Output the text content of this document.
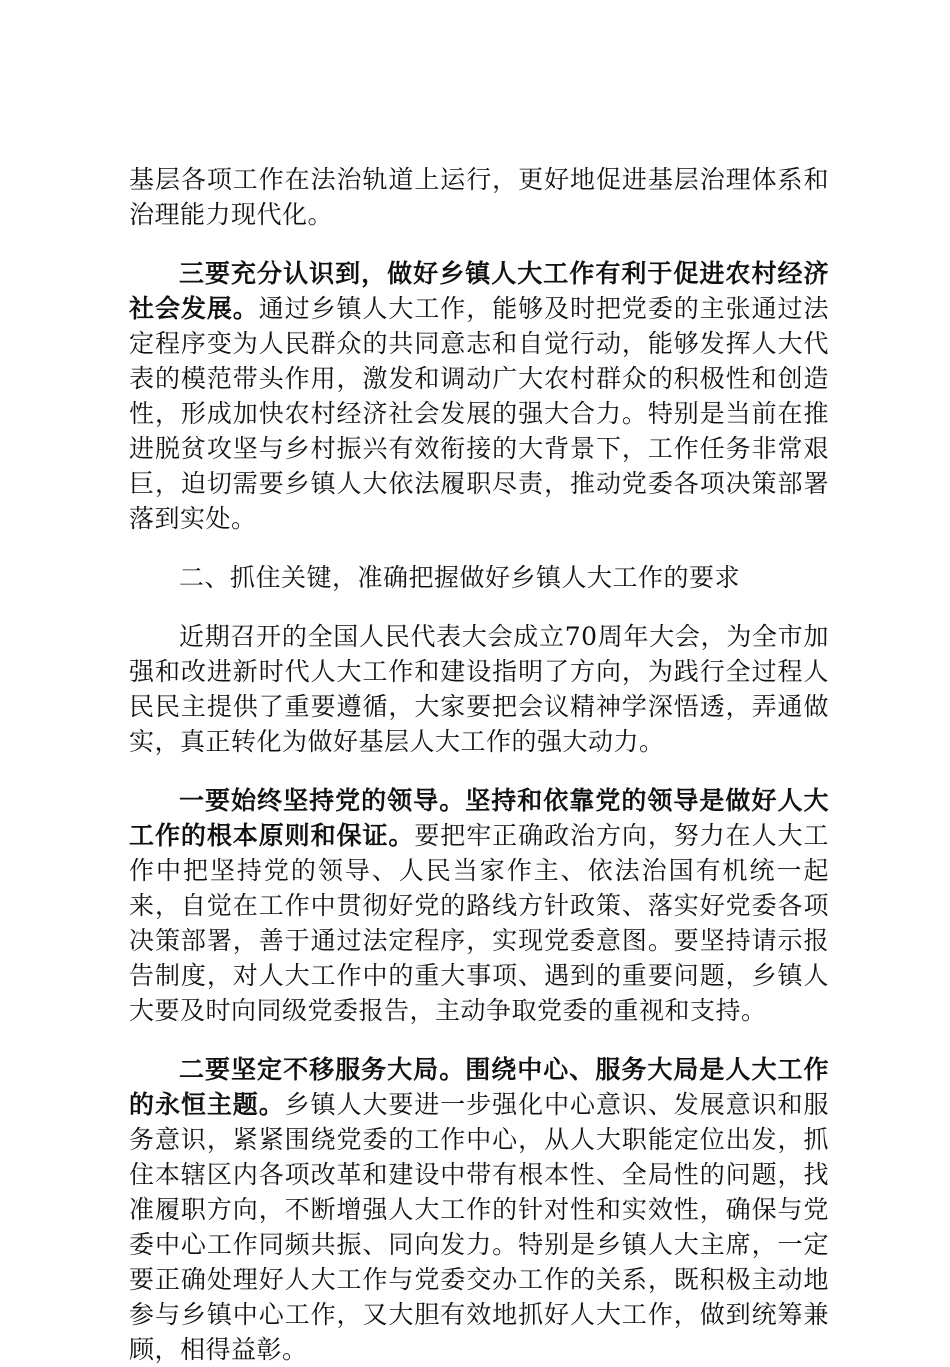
基层各项工作在法治轨道上运行，更好地促进基层治理体系和治理能力现代化。

三要充分认识到，做好乡镇人大工作有利于促进农村经济社会发展。通过乡镇人大工作，能够及时把党委的主张通过法定程序变为人民群众的共同意志和自觉行动，能够发挥人大代表的模范带头作用，激发和调动广大农村群众的积极性和创造性，形成加快农村经济社会发展的强大合力。特别是当前在推进脱贫攻坚与乡村振兴有效衔接的大背景下，工作任务非常艰巨，迫切需要乡镇人大依法履职尽责，推动党委各项决策部署落到实处。

二、抓住关键，准确把握做好乡镇人大工作的要求

近期召开的全国人民代表大会成立70周年大会，为全市加强和改进新时代人大工作和建设指明了方向，为践行全过程人民民主提供了重要遵循，大家要把会议精神学深悟透，弄通做实，真正转化为做好基层人大工作的强大动力。

一要始终坚持党的领导。坚持和依靠党的领导是做好人大工作的根本原则和保证。要把牢正确政治方向，努力在人大工作中把坚持党的领导、人民当家作主、依法治国有机统一起来，自觉在工作中贯彻好党的路线方针政策、落实好党委各项决策部署，善于通过法定程序，实现党委意图。要坚持请示报告制度，对人大工作中的重大事项、遇到的重要问题，乡镇人大要及时向同级党委报告，主动争取党委的重视和支持。

二要坚定不移服务大局。围绕中心、服务大局是人大工作的永恒主题。乡镇人大要进一步强化中心意识、发展意识和服务意识，紧紧围绕党委的工作中心，从人大职能定位出发，抓住本辖区内各项改革和建设中带有根本性、全局性的问题，找准履职方向，不断增强人大工作的针对性和实效性，确保与党委中心工作同频共振、同向发力。特别是乡镇人大主席，一定要正确处理好人大工作与党委交办工作的关系，既积极主动地参与乡镇中心工作，又大胆有效地抓好人大工作，做到统筹兼顾，相得益彰。
